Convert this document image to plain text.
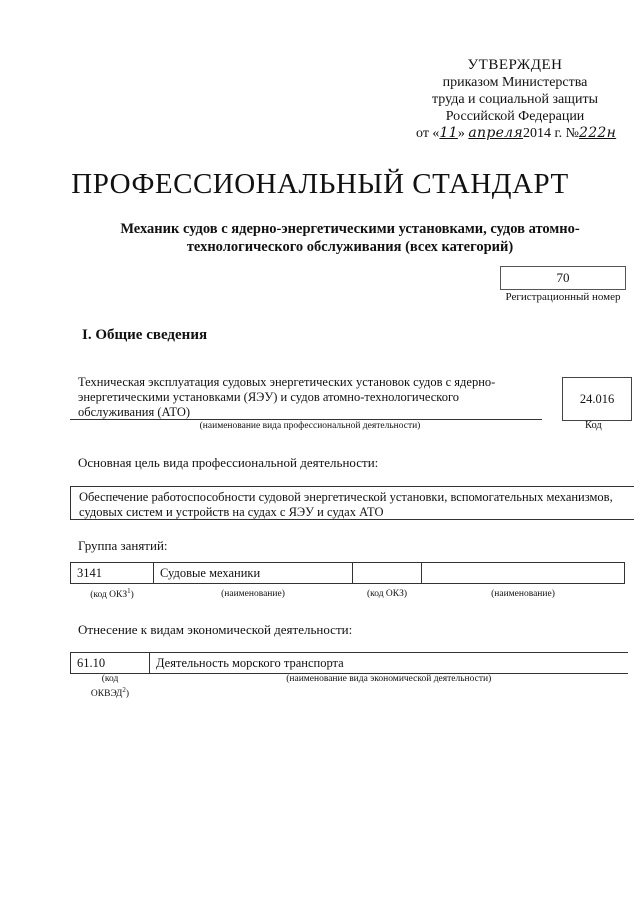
УТВЕРЖДЕН
приказом Министерства
труда и социальной защиты
Российской Федерации
от «11» апреля2014 г. №222н
ПРОФЕССИОНАЛЬНЫЙ СТАНДАРТ
Механик судов с ядерно-энергетическими установками, судов атомно-технологического обслуживания (всех категорий)
70
Регистрационный номер
I. Общие сведения
Техническая эксплуатация судовых энергетических установок судов с ядерно-энергетическими установками (ЯЭУ) и судов атомно-технологического обслуживания (АТО)
24.016
(наименование вида профессиональной деятельности)	Код
Основная цель вида профессиональной деятельности:
Обеспечение работоспособности судовой энергетической установки, вспомогательных механизмов, судовых систем и устройств на судах с ЯЭУ и судах АТО
Группа занятий:
3141	Судовые механики		
(код ОКЗ$^1$)	(наименование)	(код ОКЗ)	(наименование)
Отнесение к видам экономической деятельности:
61.10	Деятельность морского транспорта
(код
ОКВЭД$^2$)	(наименование вида экономической деятельности)
